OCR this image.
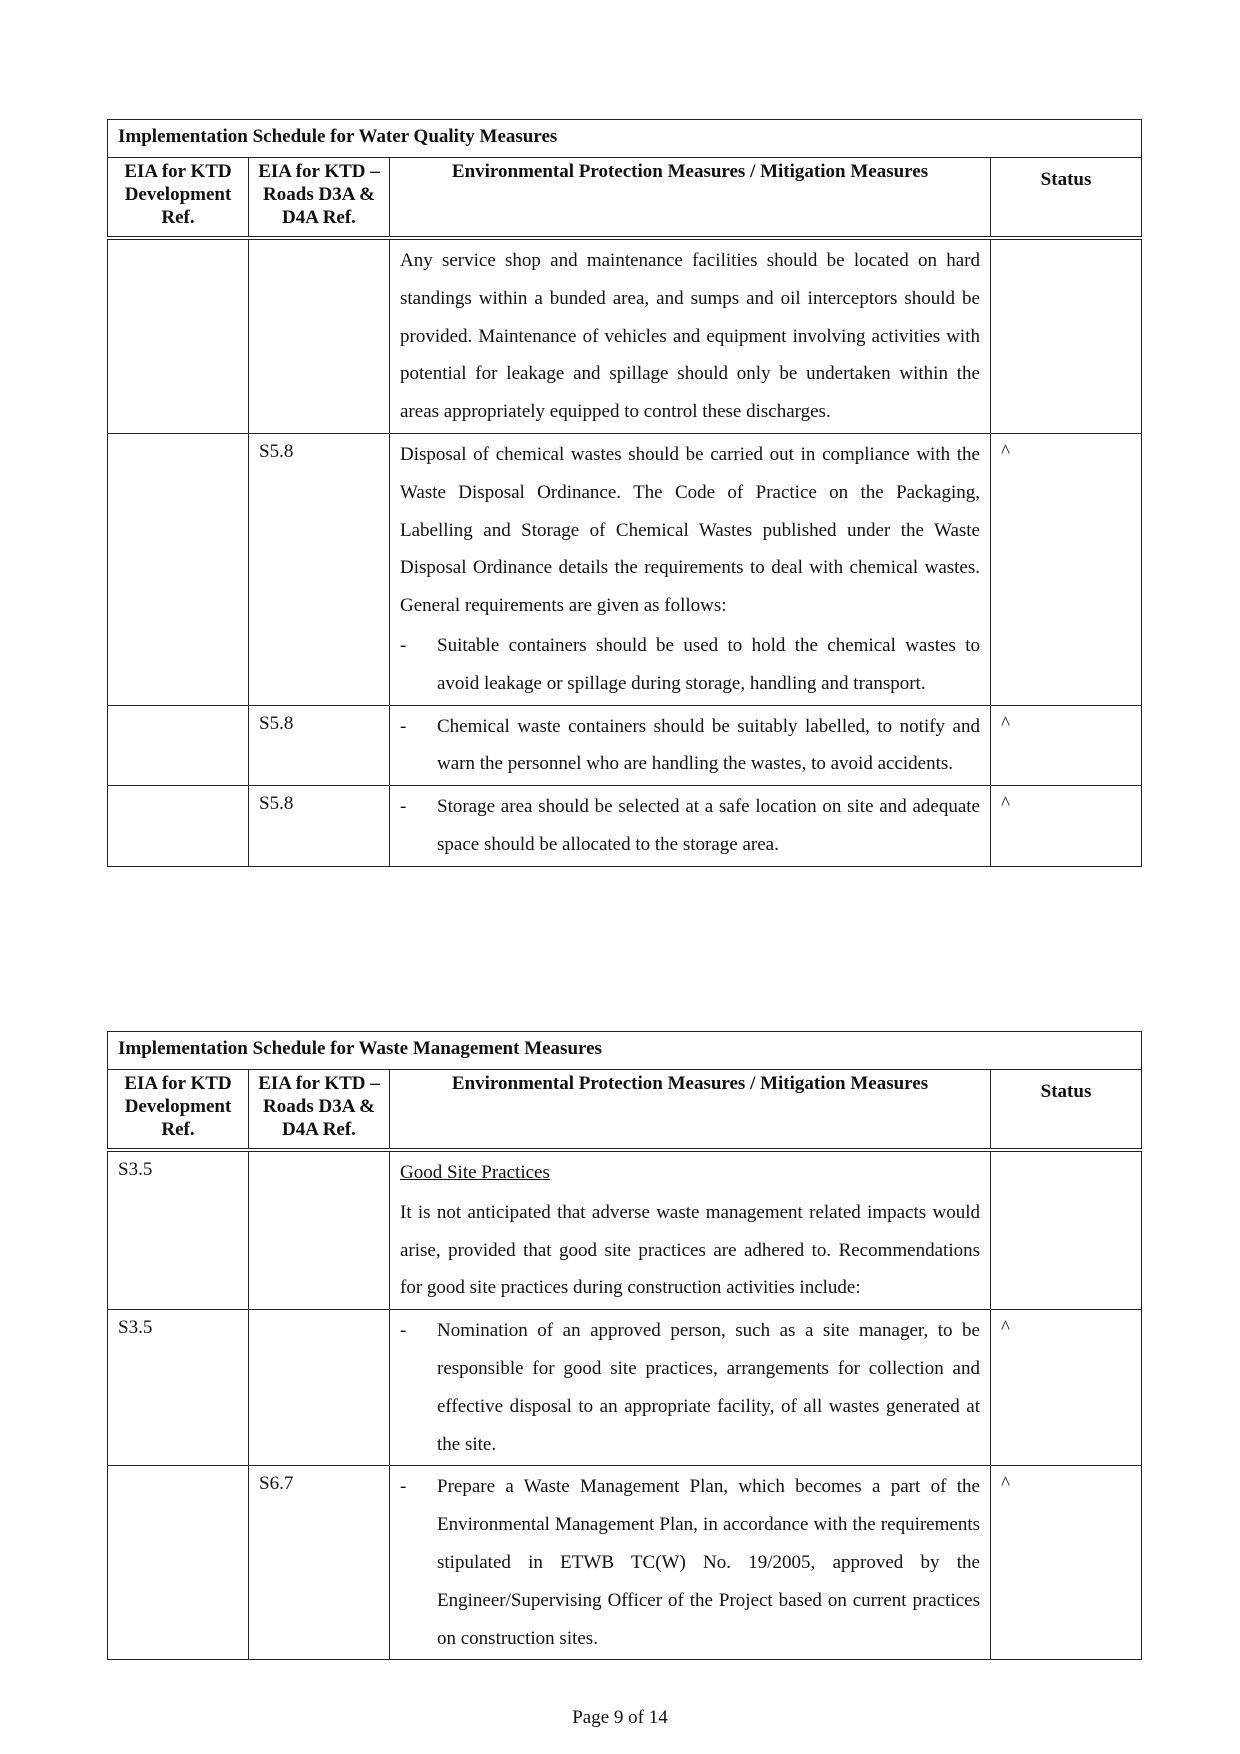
Implementation Schedule for Water Quality Measures			
EIA for KTD Development Ref.	EIA for KTD – Roads D3A & D4A Ref.	Environmental Protection Measures / Mitigation Measures	Status

		Any service shop and maintenance facilities should be located on hard standings within a bunded area, and sumps and oil interceptors should be provided. Maintenance of vehicles and equipment involving activities with potential for leakage and spillage should only be undertaken within the areas appropriately equipped to control these discharges.	

	S5.8	Disposal of chemical wastes should be carried out in compliance with the Waste Disposal Ordinance. The Code of Practice on the Packaging, Labelling and Storage of Chemical Wastes published under the Waste Disposal Ordinance details the requirements to deal with chemical wastes. General requirements are given as follows:
- Suitable containers should be used to hold the chemical wastes to avoid leakage or spillage during storage, handling and transport.	^
	S5.8	- Chemical waste containers should be suitably labelled, to notify and warn the personnel who are handling the wastes, to avoid accidents.	^
	S5.8	- Storage area should be selected at a safe location on site and adequate space should be allocated to the storage area.	^
Implementation Schedule for Waste Management Measures			
EIA for KTD Development Ref.	EIA for KTD – Roads D3A & D4A Ref.	Environmental Protection Measures / Mitigation Measures	Status
S3.5		Good Site Practices
It is not anticipated that adverse waste management related impacts would arise, provided that good site practices are adhered to. Recommendations for good site practices during construction activities include:	

S3.5		- Nomination of an approved person, such as a site manager, to be responsible for good site practices, arrangements for collection and effective disposal to an appropriate facility, of all wastes generated at the site.	^
	S6.7	- Prepare a Waste Management Plan, which becomes a part of the Environmental Management Plan, in accordance with the requirements stipulated in ETWB TC(W) No. 19/2005, approved by the Engineer/Supervising Officer of the Project based on current practices on construction sites.	^
Page 9 of 14
